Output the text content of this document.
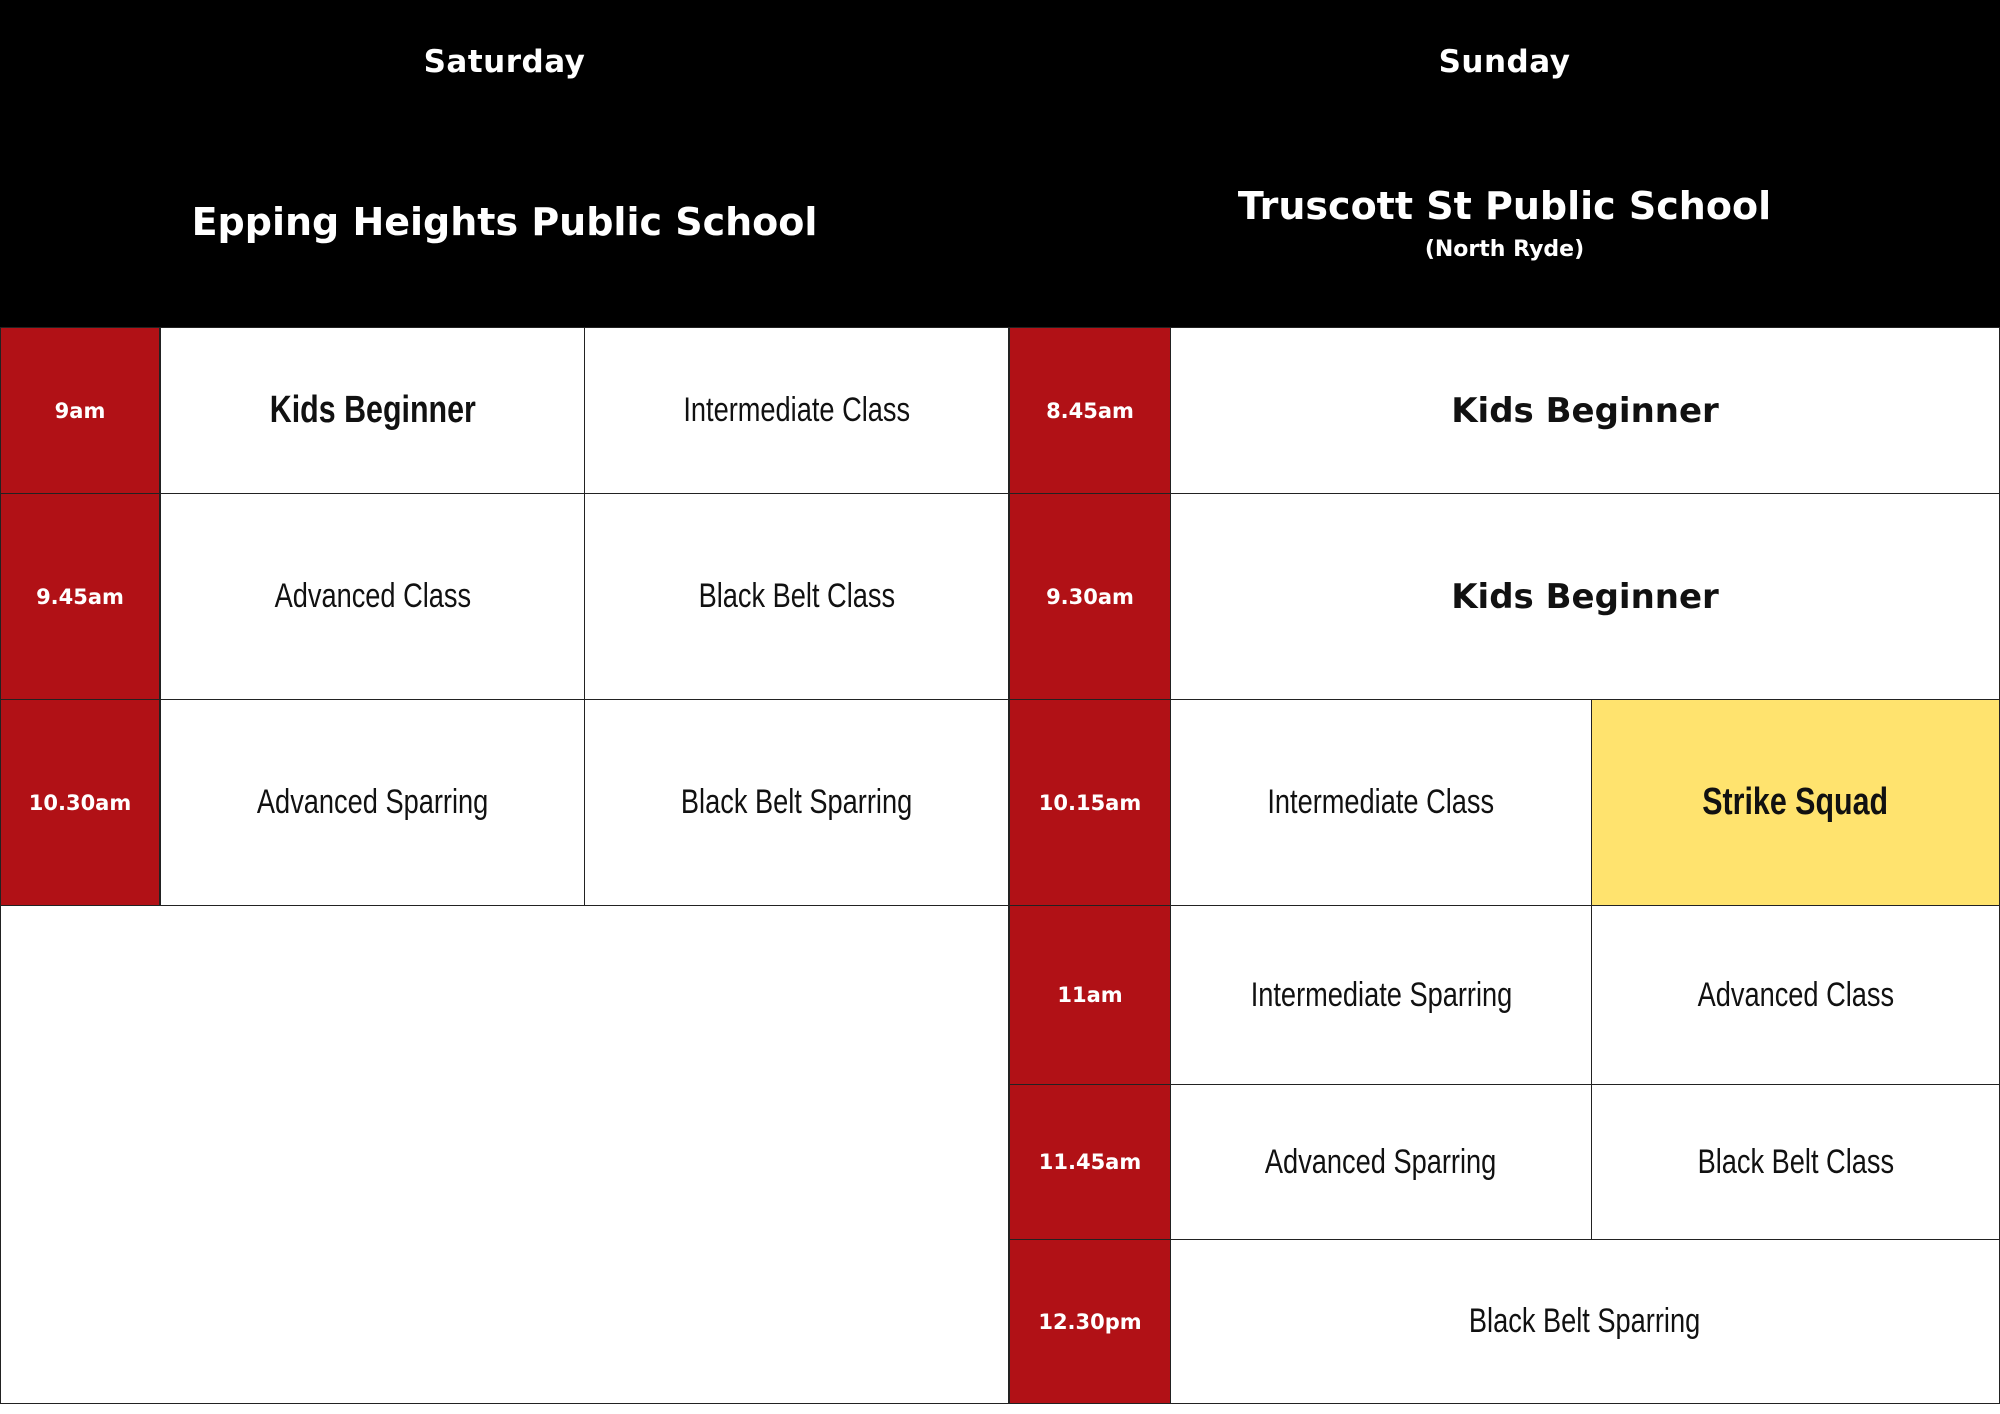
Saturday
Epping Heights Public School
Sunday
Truscott St Public School
(North Ryde)
9am	Kids Beginner	Intermediate Class
9.45am	Advanced Class	Black Belt Class
10.30am	Advanced Sparring	Black Belt Sparring
8.45am	Kids Beginner
9.30am	Kids Beginner
10.15am	Intermediate Class	Strike Squad
11am	Intermediate Sparring	Advanced Class
11.45am	Advanced Sparring	Black Belt Class
12.30pm	Black Belt Sparring
